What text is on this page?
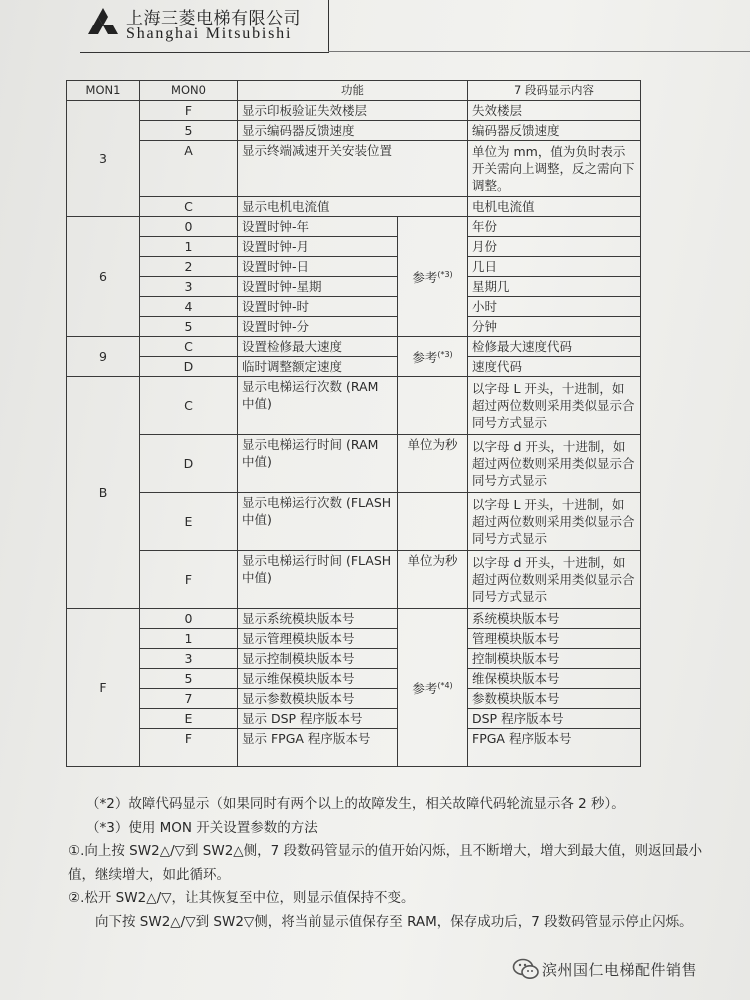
上海三菱电梯有限公司
Shanghai Mitsubishi
MON1	MON0	功能		7 段码显示内容
3	F	显示印板验证失效楼层		失效楼层
	5	显示编码器反馈速度		编码器反馈速度
	A	显示终端减速开关安装位置		单位为 mm，值为负时表示开关需向上调整，反之需向下调整。
	C	显示电机电流值		电机电流值
6	0	设置时钟-年	参考$^{(*3)}$	年份
	1	设置时钟-月		月份
	2	设置时钟-日		几日
	3	设置时钟-星期		星期几
	4	设置时钟-时		小时
	5	设置时钟-分		分钟
9	C	设置检修最大速度	参考$^{(*3)}$	检修最大速度代码
	D	临时调整额定速度		速度代码
B	C	显示电梯运行次数 (RAM 中值)		以字母 L 开头，十进制，如超过两位数则采用类似显示合同号方式显示
	D	显示电梯运行时间 (RAM 中值)	单位为秒	以字母 d 开头，十进制，如超过两位数则采用类似显示合同号方式显示
	E	显示电梯运行次数 (FLASH 中值)		以字母 L 开头，十进制，如超过两位数则采用类似显示合同号方式显示
	F	显示电梯运行时间 (FLASH 中值)	单位为秒	以字母 d 开头，十进制，如超过两位数则采用类似显示合同号方式显示
F	0	显示系统模块版本号	参考$^{(*4)}$	系统模块版本号
	1	显示管理模块版本号		管理模块版本号
	3	显示控制模块版本号		控制模块版本号
	5	显示维保模块版本号		维保模块版本号
	7	显示参数模块版本号		参数模块版本号
	E	显示 DSP 程序版本号		DSP 程序版本号
	F	显示 FPGA 程序版本号		FPGA 程序版本号

（*2）故障代码显示（如果同时有两个以上的故障发生，相关故障代码轮流显示各 2 秒）。

（*3）使用 MON 开关设置参数的方法

①.向上按 SW2△/▽到 SW2△侧，7 段数码管显示的值开始闪烁，且不断增大，增大到最大值，则返回最小值，继续增大，如此循环。

②.松开 SW2△/▽，让其恢复至中位，则显示值保持不变。

向下按 SW2△/▽到 SW2▽侧，将当前显示值保存至 RAM，保存成功后，7 段数码管显示停止闪烁。

滨州国仁电梯配件销售
